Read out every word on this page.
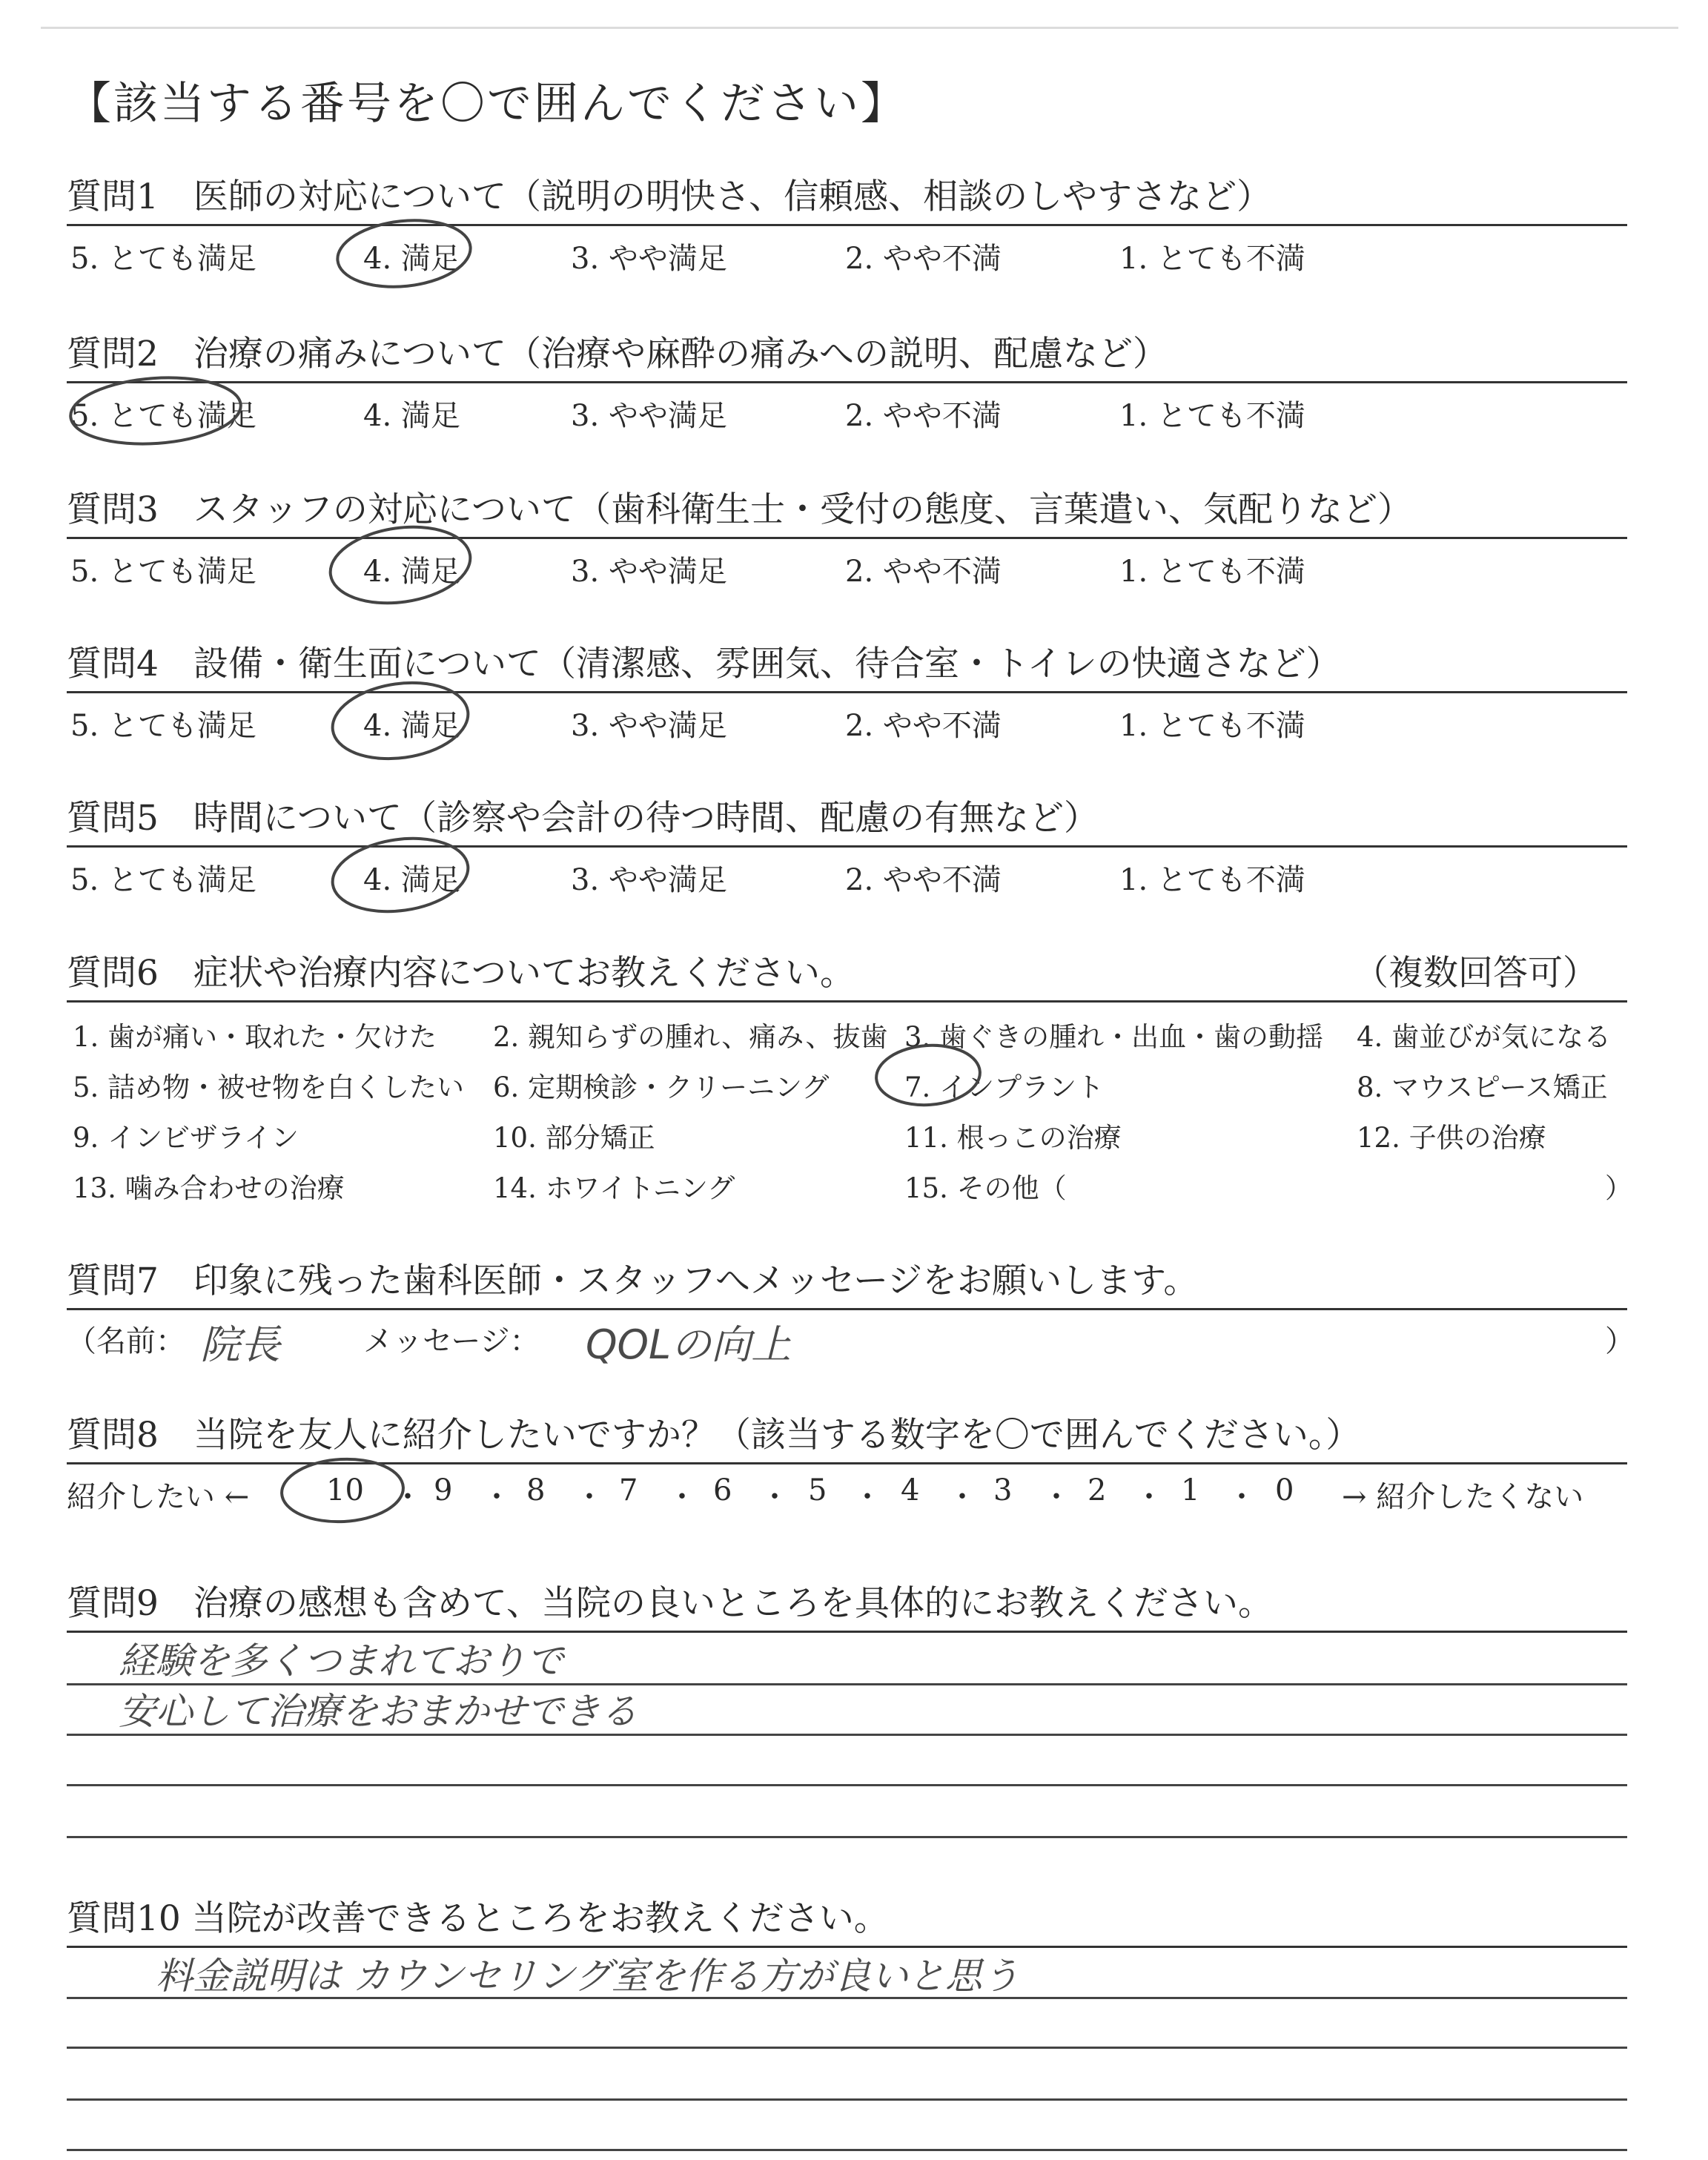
【該当する番号を〇で囲んでください】
質問1　医師の対応について（説明の明快さ、信頼感、相談のしやすさなど）
5. とても満足	4. 満足	3. やや満足	2. やや不満	1. とても不満
質問2　治療の痛みについて（治療や麻酔の痛みへの説明、配慮など）
5. とても満足	4. 満足	3. やや満足	2. やや不満	1. とても不満
質問3　スタッフの対応について（歯科衛生士・受付の態度、言葉遣い、気配りなど）
5. とても満足	4. 満足	3. やや満足	2. やや不満	1. とても不満
質問4　設備・衛生面について（清潔感、雰囲気、待合室・トイレの快適さなど）
5. とても満足	4. 満足	3. やや満足	2. やや不満	1. とても不満
質問5　時間について（診察や会計の待つ時間、配慮の有無など）
5. とても満足	4. 満足	3. やや満足	2. やや不満	1. とても不満
質問6　症状や治療内容についてお教えください。	（複数回答可）
1. 歯が痛い・取れた・欠けた 2. 親知らずの腫れ、痛み、抜歯 3. 歯ぐきの腫れ・出血・歯の動揺 4. 歯並びが気になる
5. 詰め物・被せ物を白くしたい 6. 定期検診・クリーニング	7. インプラント	8. マウスピース矯正
9. インビザライン	10. 部分矯正	11. 根っこの治療	12. 子供の治療
13. 噛み合わせの治療	14. ホワイトニング	15. その他（	）
質問7　印象に残った歯科医師・スタッフへメッセージをお願いします。
（名前： 院長	メッセージ： QOLの向上	）
質問8　当院を友人に紹介したいですか？（該当する数字を〇で囲んでください。）
紹介したい ←	10 ・ 9 ・ 8 ・ 7 ・ 6 ・ 5 ・ 4 ・ 3 ・ 2 ・ 1 ・ 0 → 紹介したくない
質問9　治療の感想も含めて、当院の良いところを具体的にお教えください。
経験を多くつまれておりで
安心して治療をおまかせできる
質問10 当院が改善できるところをお教えください。
料金説明は カウンセリング室を作る方が良いと思う
